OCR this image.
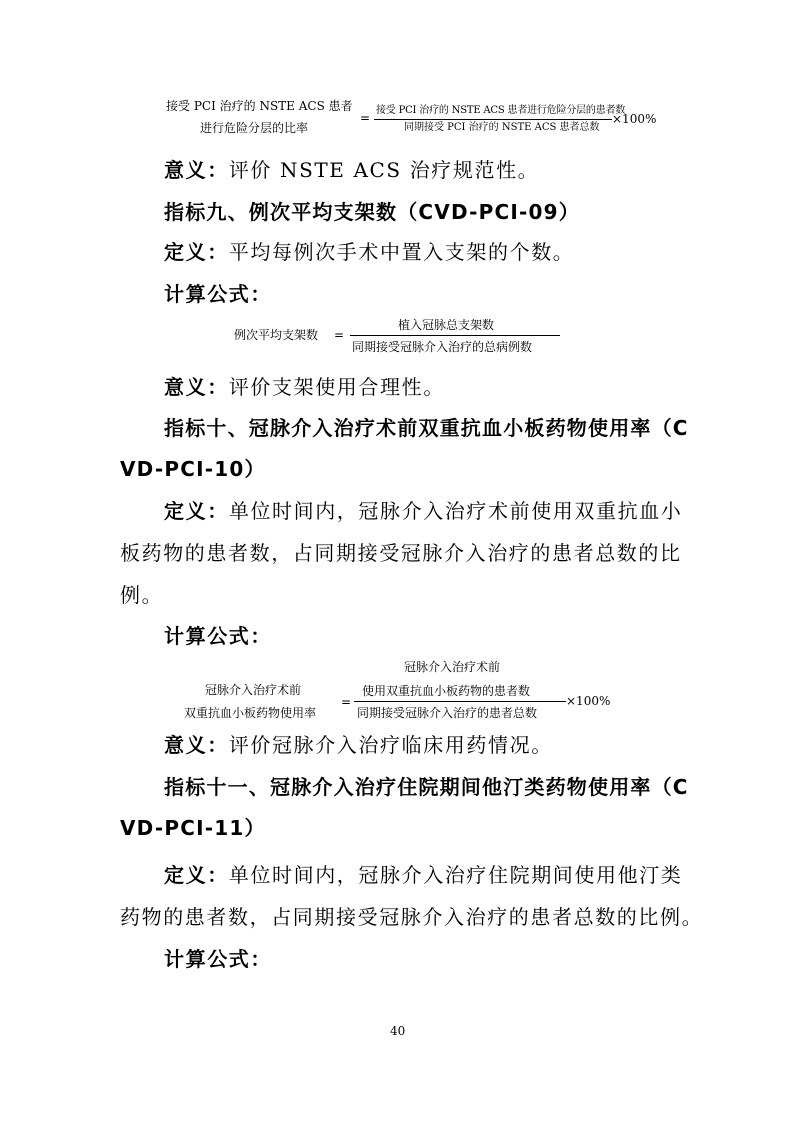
接受 PCI 治疗的 NSTE ACS 患者
进行危险分层的比率
=
接受 PCI 治疗的 NSTE ACS 患者进行危险分层的患者数
同期接受 PCI 治疗的 NSTE ACS 患者总数
×100%
意义：评价 NSTE ACS 治疗规范性。
指标九、例次平均支架数（CVD-PCI-09）
定义：平均每例次手术中置入支架的个数。
计算公式：
例次平均支架数 =
植入冠脉总支架数
同期接受冠脉介入治疗的总病例数
意义：评价支架使用合理性。
指标十、冠脉介入治疗术前双重抗血小板药物使用率（C
VD-PCI-10）
定义：单位时间内，冠脉介入治疗术前使用双重抗血小
板药物的患者数，占同期接受冠脉介入治疗的患者总数的比
例。
计算公式：
冠脉介入治疗术前
双重抗血小板药物使用率
=
冠脉介入治疗术前
使用双重抗血小板药物的患者数
同期接受冠脉介入治疗的患者总数
×100%
意义：评价冠脉介入治疗临床用药情况。
指标十一、冠脉介入治疗住院期间他汀类药物使用率（C
VD-PCI-11）
定义：单位时间内，冠脉介入治疗住院期间使用他汀类
药物的患者数，占同期接受冠脉介入治疗的患者总数的比例。
计算公式：
40
